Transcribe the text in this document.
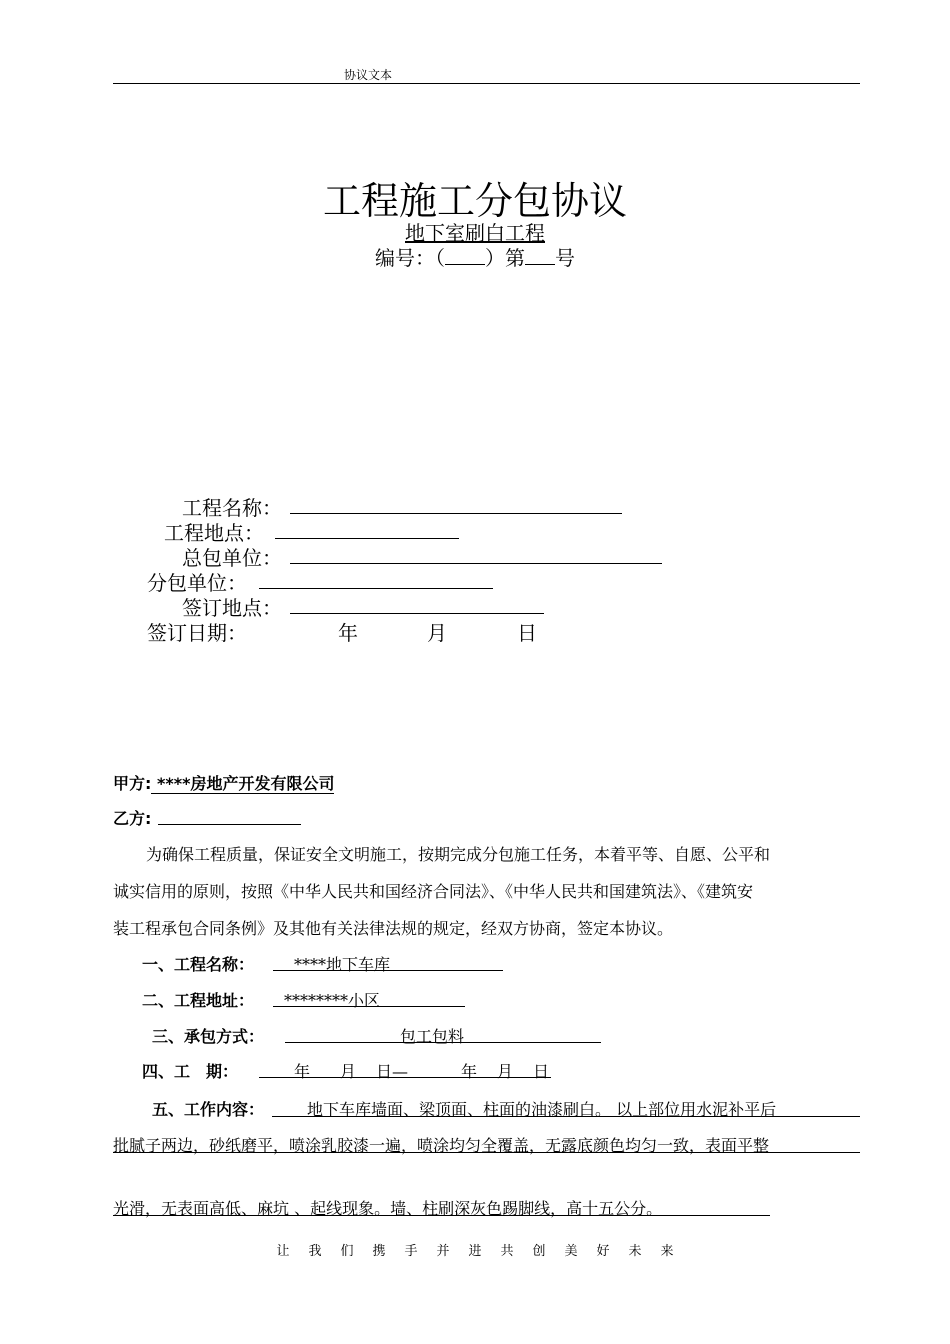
协议文本
工程施工分包协议
地下室刷白工程
编号：（ ）第 号
工程名称：
工程地点：
总包单位：
分包单位：
签订地点：
签订日期：	年	月	日
甲方: ****房地产开发有限公司
乙方:
为确保工程质量，保证安全文明施工，按期完成分包施工任务，本着平等、自愿、公平和
诚实信用的原则，按照《中华人民共和国经济合同法》、《中华人民共和国建筑法》、《建筑安
装工程承包合同条例》及其他有关法律法规的规定，经双方协商，签定本协议。
一、工程名称： ****地下车库
二、工程地址： ********小区
三、承包方式：	包工包料
四、工　期：	年 月 日—	年 月 日
五、工作内容：	地下车库墙面、梁顶面、柱面的油漆刷白。 以上部位用水泥补平后
批腻子两边，砂纸磨平，喷涂乳胶漆一遍，喷涂均匀全覆盖，无露底颜色均匀一致，表面平整
光滑，无表面高低、麻坑 、起线现象。墙、柱刷深灰色踢脚线，高十五公分。
让 我 们 携 手 并 进 共 创 美 好 未 来
